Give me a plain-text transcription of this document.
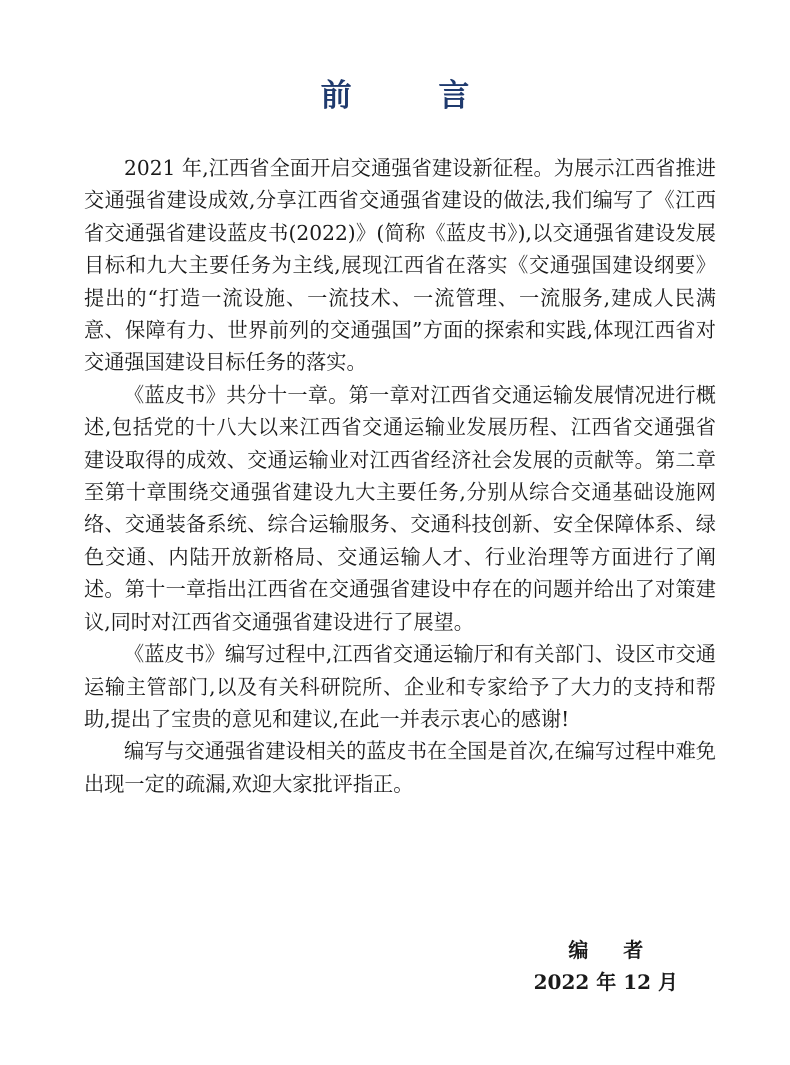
前 言

2021 年,江西省全面开启交通强省建设新征程。为展示江西省推进交通强省建设成效,分享江西省交通强省建设的做法,我们编写了《江西省交通强省建设蓝皮书(2022)》(简称《蓝皮书》),以交通强省建设发展目标和九大主要任务为主线,展现江西省在落实《交通强国建设纲要》提出的“打造一流设施、一流技术、一流管理、一流服务,建成人民满意、保障有力、世界前列的交通强国”方面的探索和实践,体现江西省对交通强国建设目标任务的落实。

《蓝皮书》共分十一章。第一章对江西省交通运输发展情况进行概述,包括党的十八大以来江西省交通运输业发展历程、江西省交通强省建设取得的成效、交通运输业对江西省经济社会发展的贡献等。第二章至第十章围绕交通强省建设九大主要任务,分别从综合交通基础设施网络、交通装备系统、综合运输服务、交通科技创新、安全保障体系、绿色交通、内陆开放新格局、交通运输人才、行业治理等方面进行了阐述。第十一章指出江西省在交通强省建设中存在的问题并给出了对策建议,同时对江西省交通强省建设进行了展望。

《蓝皮书》编写过程中,江西省交通运输厅和有关部门、设区市交通运输主管部门,以及有关科研院所、企业和专家给予了大力的支持和帮助,提出了宝贵的意见和建议,在此一并表示衷心的感谢!

编写与交通强省建设相关的蓝皮书在全国是首次,在编写过程中难免出现一定的疏漏,欢迎大家批评指正。

编 者
2022 年 12 月
